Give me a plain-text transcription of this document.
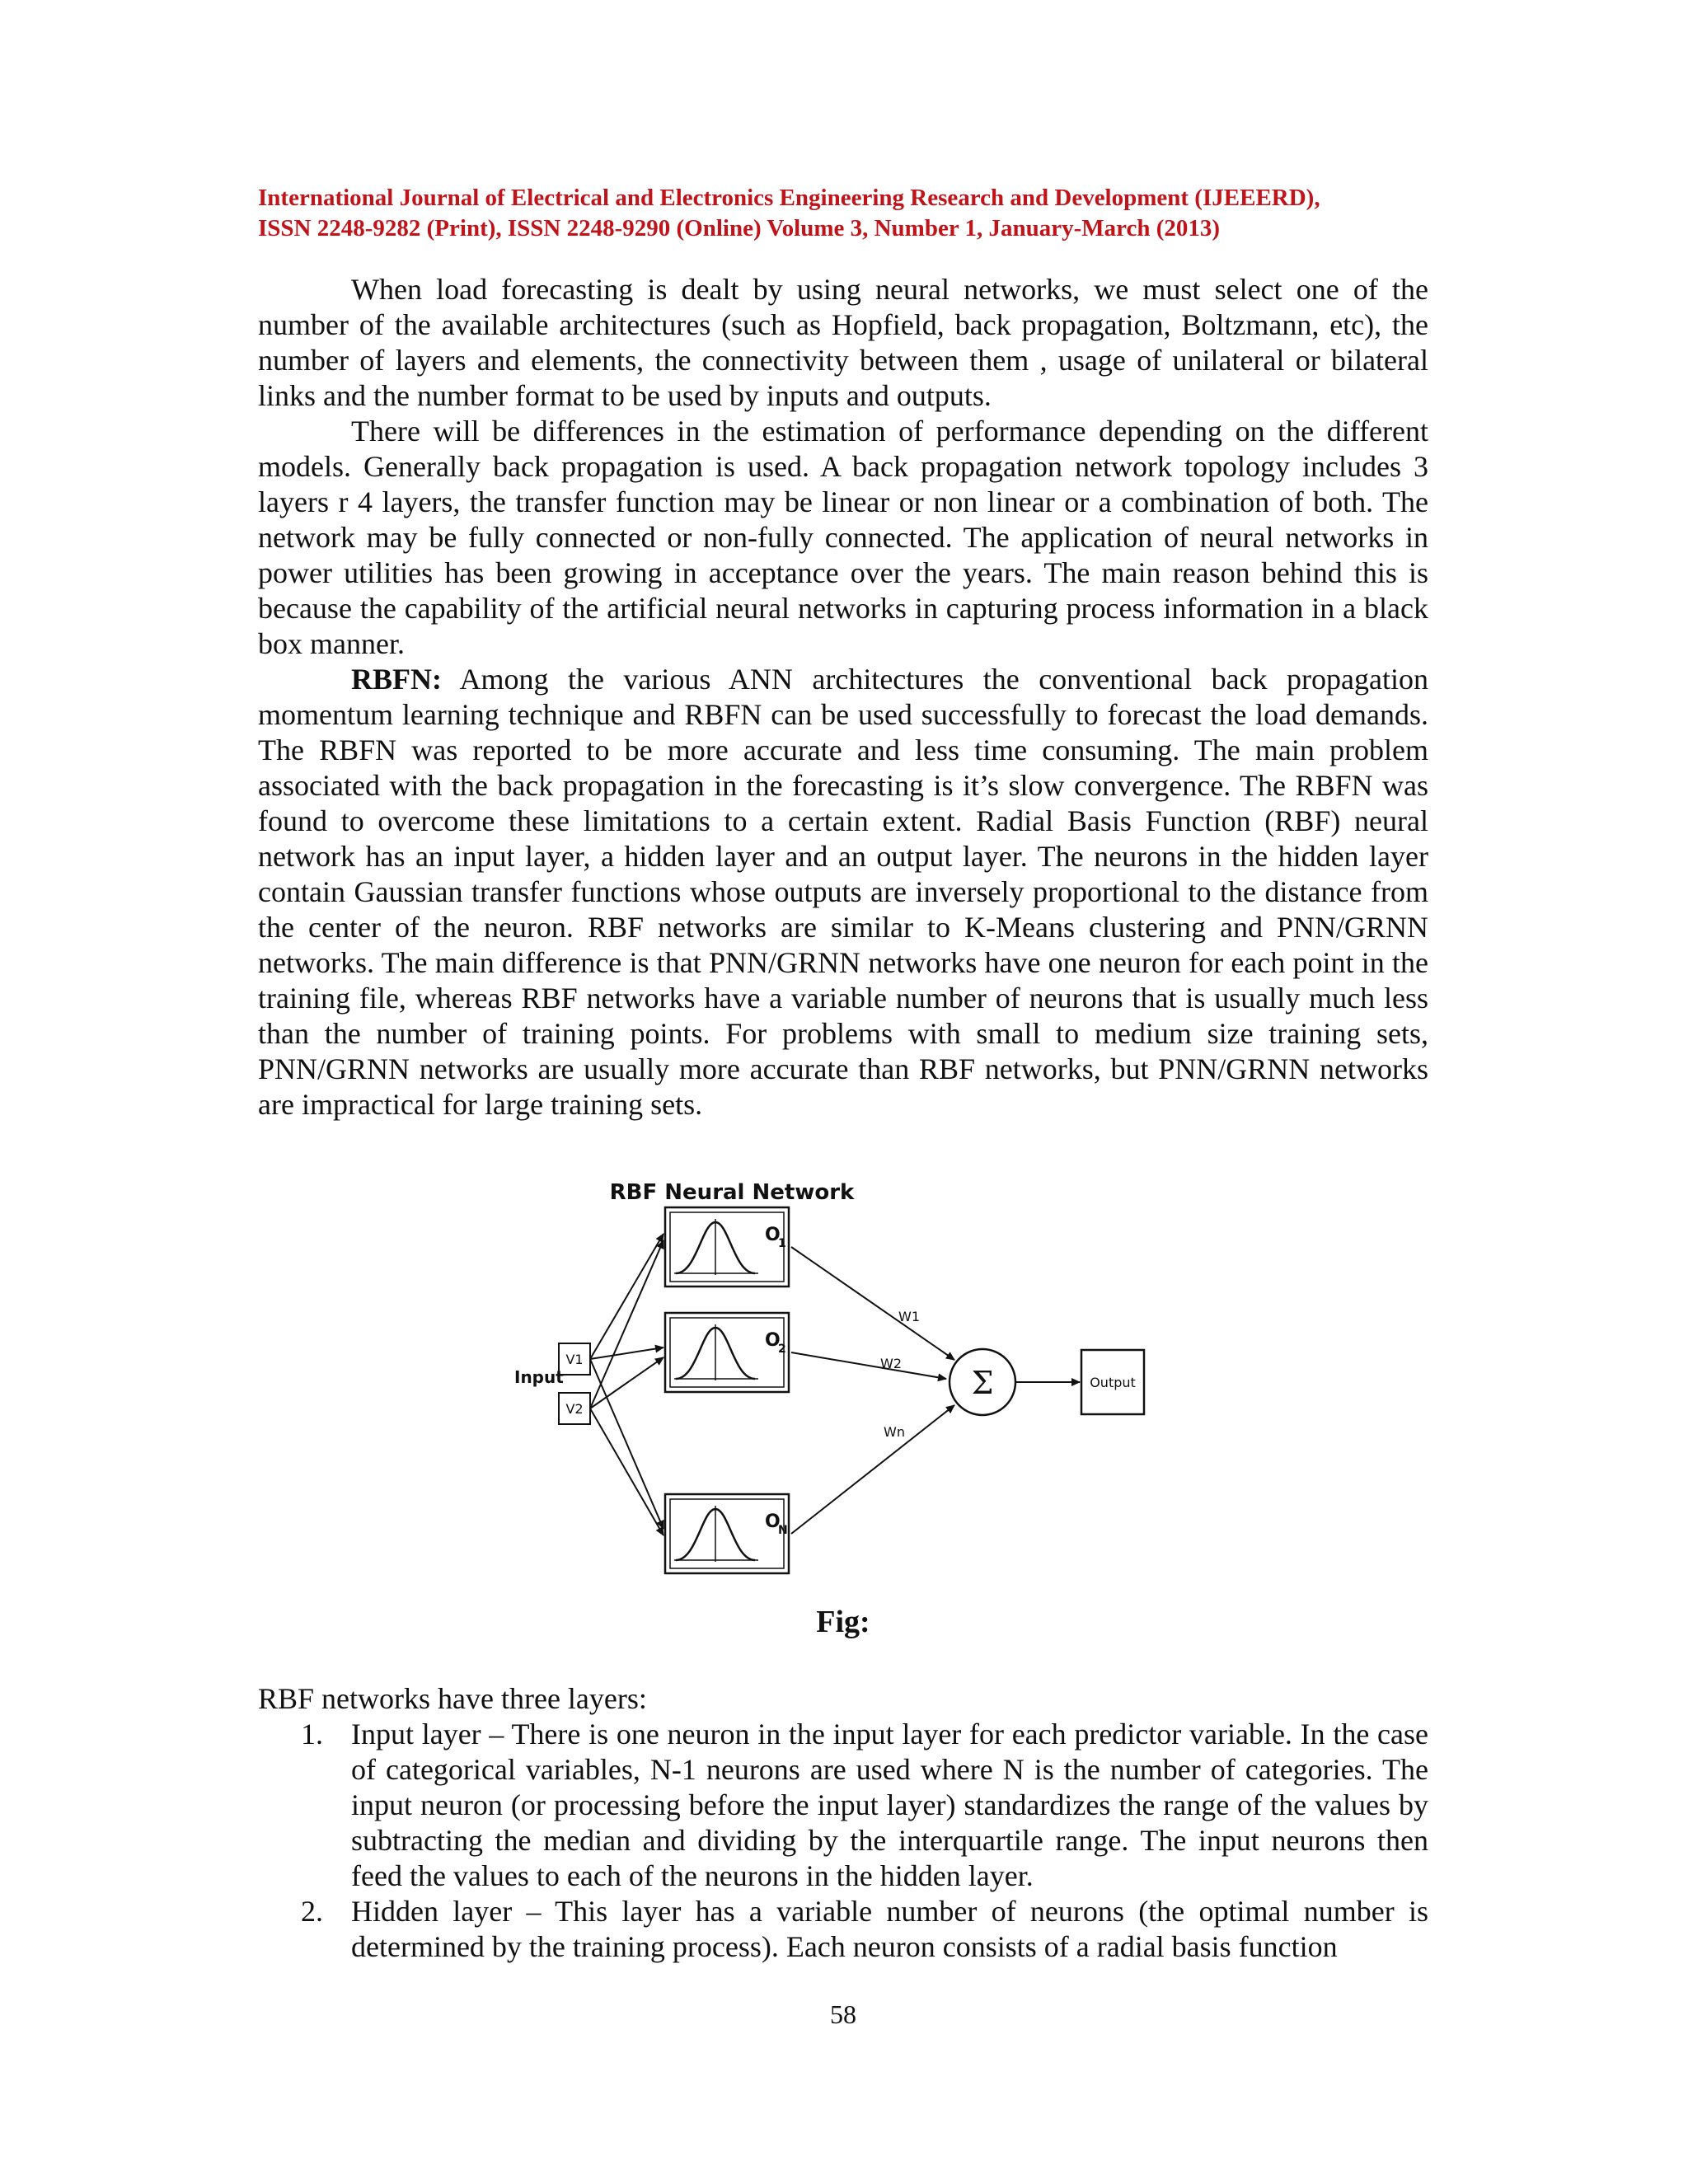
International Journal of Electrical and Electronics Engineering Research and Development (IJEEERD),
ISSN 2248-9282 (Print), ISSN 2248-9290 (Online) Volume 3, Number 1, January-March (2013)

When load forecasting is dealt by using neural networks, we must select one of the number of the available architectures (such as Hopfield, back propagation, Boltzmann, etc), the number of layers and elements, the connectivity between them , usage of unilateral or bilateral links and the number format to be used by inputs and outputs.

There will be differences in the estimation of performance depending on the different models. Generally back propagation is used. A back propagation network topology includes 3 layers r 4 layers, the transfer function may be linear or non linear or a combination of both. The network may be fully connected or non-fully connected. The application of neural networks in power utilities has been growing in acceptance over the years. The main reason behind this is because the capability of the artificial neural networks in capturing process information in a black box manner.

RBFN: Among the various ANN architectures the conventional back propagation momentum learning technique and RBFN can be used successfully to forecast the load demands. The RBFN was reported to be more accurate and less time consuming. The main problem associated with the back propagation in the forecasting is it’s slow convergence. The RBFN was found to overcome these limitations to a certain extent. Radial Basis Function (RBF) neural network has an input layer, a hidden layer and an output layer. The neurons in the hidden layer contain Gaussian transfer functions whose outputs are inversely proportional to the distance from the center of the neuron. RBF networks are similar to K-Means clustering and PNN/GRNN networks. The main difference is that PNN/GRNN networks have one neuron for each point in the training file, whereas RBF networks have a variable number of neurons that is usually much less than the number of training points. For problems with small to medium size training sets, PNN/GRNN networks are usually more accurate than RBF networks, but PNN/GRNN networks are impractical for large training sets.

RBF Neural Network
V1
V2
Input
O
1
O
2
O
N
W1
W2
Wn
Σ	Output
Fig:

RBF networks have three layers:

1. Input layer – There is one neuron in the input layer for each predictor variable. In the case of categorical variables, N-1 neurons are used where N is the number of categories. The input neuron (or processing before the input layer) standardizes the range of the values by subtracting the median and dividing by the interquartile range. The input neurons then feed the values to each of the neurons in the hidden layer.
2. Hidden layer – This layer has a variable number of neurons (the optimal number is determined by the training process). Each neuron consists of a radial basis function
58
